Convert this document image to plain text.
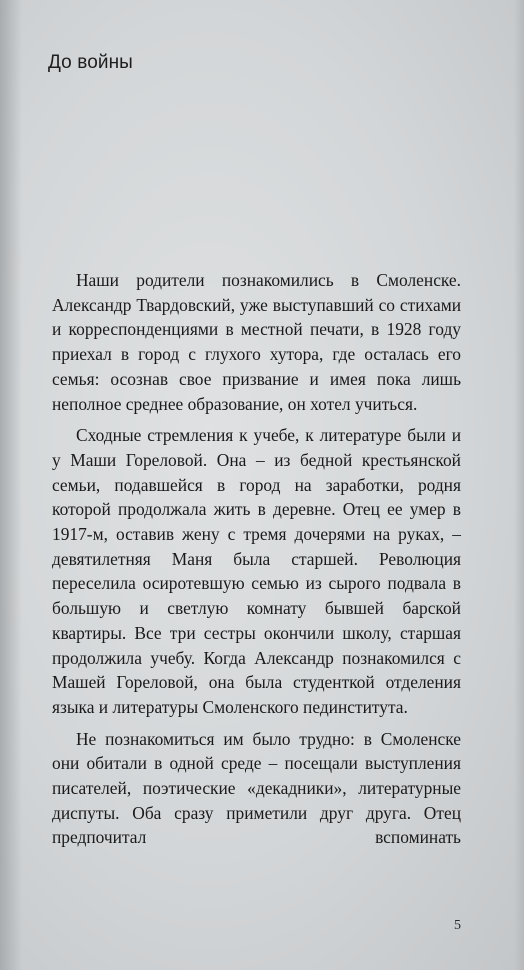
До войны

Наши родители познакомились в Смоленске. Александр Твардовский, уже выступавший со стихами и корреспонденциями в местной печати, в 1928 году приехал в город с глухого хутора, где осталась его семья: осознав свое призвание и имея пока лишь неполное среднее образование, он хотел учиться.

Сходные стремления к учебе, к литературе были и у Маши Гореловой. Она – из бедной крестьянской семьи, подавшейся в город на заработки, родня которой продолжала жить в деревне. Отец ее умер в 1917-м, оставив жену с тремя дочерями на руках, – девятилетняя Маня была старшей. Революция переселила осиротевшую семью из сырого подвала в большую и светлую комнату бывшей барской квартиры. Все три сестры окончили школу, старшая продолжила учебу. Когда Александр познакомился с Машей Гореловой, она была студенткой отделения языка и литературы Смоленского пединститута.

Не познакомиться им было трудно: в Смоленске они обитали в одной среде – посещали выступления писателей, поэтические «декадники», литературные диспуты. Оба сразу приметили друг друга. Отец предпочитал вспоминать

5
